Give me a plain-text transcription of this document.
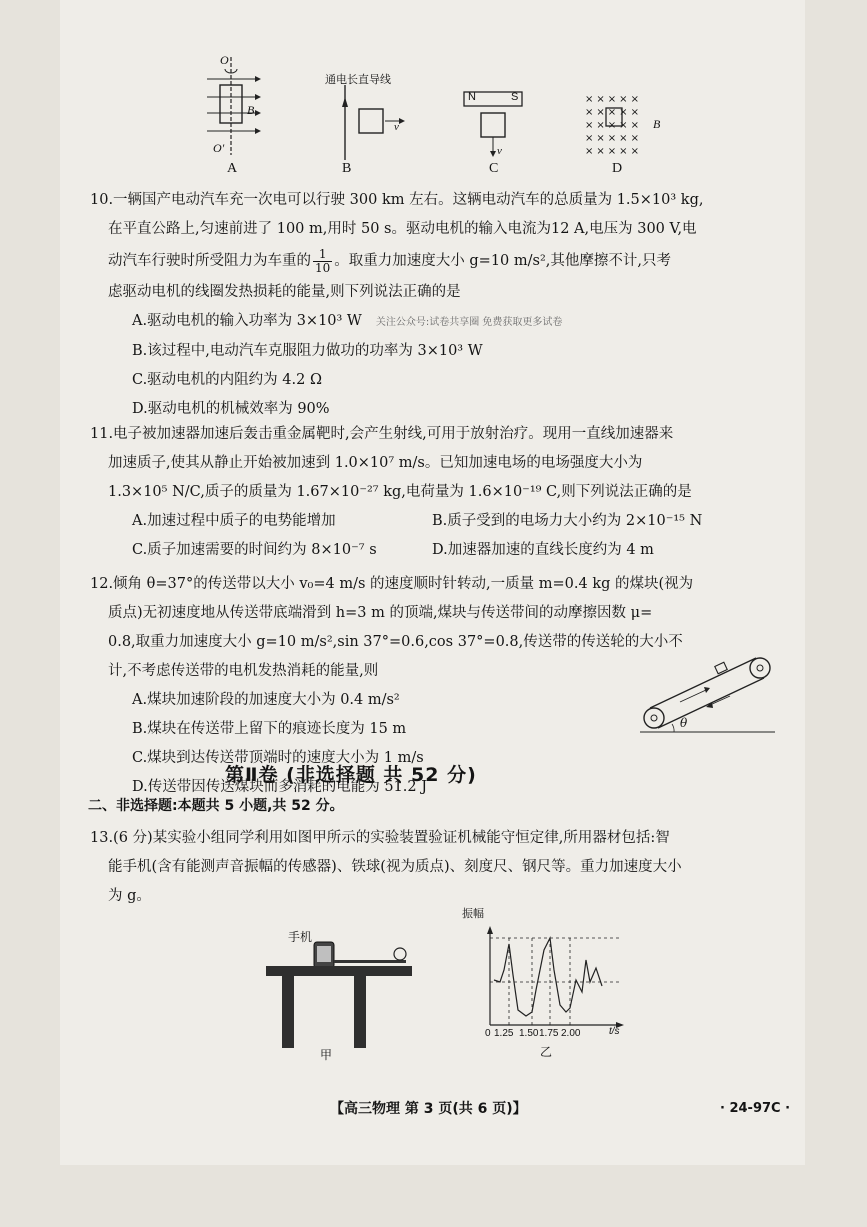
O
O′
B
A
通电长直导线
v
B
N	S
v
C
×××××
×××××
×××××
×××××
×××××
B
D
10.一辆国产电动汽车充一次电可以行驶 300 km 左右。这辆电动汽车的总质量为 1.5×10³ kg,
在平直公路上,匀速前进了 100 m,用时 50 s。驱动电机的输入电流为12 A,电压为 300 V,电
动汽车行驶时所受阻力为车重的 $\frac{1}{10}$ 。取重力加速度大小 g=10 m/s²,其他摩擦不计,只考
虑驱动电机的线圈发热损耗的能量,则下列说法正确的是
A.驱动电机的输入功率为 3×10³ W 关注公众号:试卷共享圈 免费获取更多试卷
B.该过程中,电动汽车克服阻力做功的功率为 3×10³ W
C.驱动电机的内阻约为 4.2 Ω
D.驱动电机的机械效率为 90%
11.电子被加速器加速后轰击重金属靶时,会产生射线,可用于放射治疗。现用一直线加速器来
加速质子,使其从静止开始被加速到 1.0×10⁷ m/s。已知加速电场的电场强度大小为
1.3×10⁵ N/C,质子的质量为 1.67×10⁻²⁷ kg,电荷量为 1.6×10⁻¹⁹ C,则下列说法正确的是
A.加速过程中质子的电势能增加	B.质子受到的电场力大小约为 2×10⁻¹⁵ N
C.质子加速需要的时间约为 8×10⁻⁷ s	D.加速器加速的直线长度约为 4 m
12.倾角 θ=37°的传送带以大小 v₀=4 m/s 的速度顺时针转动,一质量 m=0.4 kg 的煤块(视为
质点)无初速度地从传送带底端滑到 h=3 m 的顶端,煤块与传送带间的动摩擦因数 μ=
0.8,取重力加速度大小 g=10 m/s²,sin 37°=0.6,cos 37°=0.8,传送带的传送轮的大小不
计,不考虑传送带的电机发热消耗的能量,则
A.煤块加速阶段的加速度大小为 0.4 m/s²
B.煤块在传送带上留下的痕迹长度为 15 m
C.煤块到达传送带顶端时的速度大小为 1 m/s
D.传送带因传送煤块而多消耗的电能为 51.2 J
θ
第Ⅱ卷 (非选择题 共 52 分)
二、非选择题:本题共 5 小题,共 52 分。
13.(6 分)某实验小组同学利用如图甲所示的实验装置验证机械能守恒定律,所用器材包括:智
能手机(含有能测声音振幅的传感器)、铁球(视为质点)、刻度尺、钢尺等。重力加速度大小
为 g。
手机
甲
振幅
0 1.25 1.50 1.75 2.00	t/s
乙
【高三物理 第 3 页(共 6 页)】	· 24-97C ·
